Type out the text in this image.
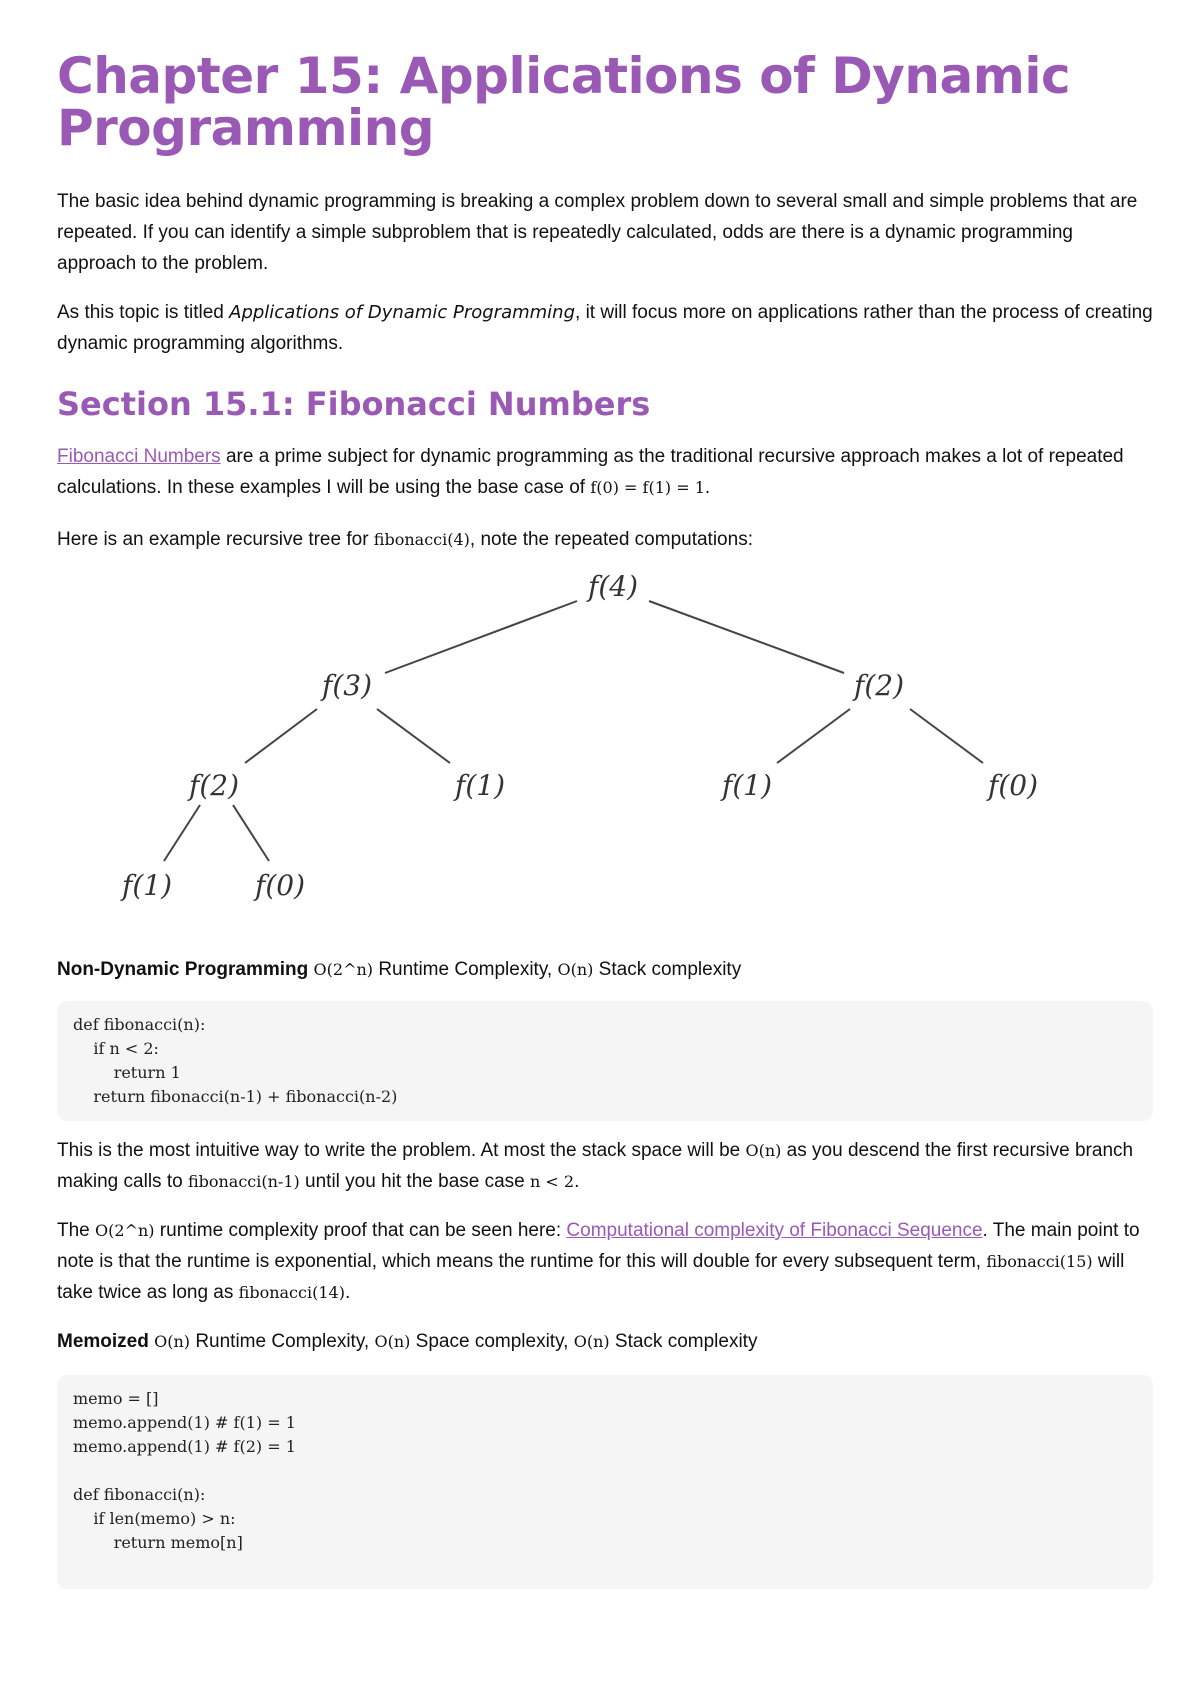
Chapter 15: Applications of Dynamic Programming

The basic idea behind dynamic programming is breaking a complex problem down to several small and simple problems that are repeated. If you can identify a simple subproblem that is repeatedly calculated, odds are there is a dynamic programming approach to the problem.

As this topic is titled Applications of Dynamic Programming, it will focus more on applications rather than the process of creating dynamic programming algorithms.

Section 15.1: Fibonacci Numbers

Fibonacci Numbers are a prime subject for dynamic programming as the traditional recursive approach makes a lot of repeated calculations. In these examples I will be using the base case of f(0) = f(1) = 1.

Here is an example recursive tree for fibonacci(4), note the repeated computations:

f(4)
f(3)	f(2)
f(2)	f(1)	f(1)	f(0)
f(1)	f(0)

Non-Dynamic Programming O(2^n) Runtime Complexity, O(n) Stack complexity

def fibonacci(n):
if n < 2:
return 1
return fibonacci(n-1) + fibonacci(n-2)

This is the most intuitive way to write the problem. At most the stack space will be O(n) as you descend the first recursive branch making calls to fibonacci(n-1) until you hit the base case n < 2.

The O(2^n) runtime complexity proof that can be seen here: Computational complexity of Fibonacci Sequence. The main point to note is that the runtime is exponential, which means the runtime for this will double for every subsequent term, fibonacci(15) will take twice as long as fibonacci(14).

Memoized O(n) Runtime Complexity, O(n) Space complexity, O(n) Stack complexity

memo = []
memo.append(1) # f(1) = 1
memo.append(1) # f(2) = 1

def fibonacci(n):
if len(memo) > n:
return memo[n]
